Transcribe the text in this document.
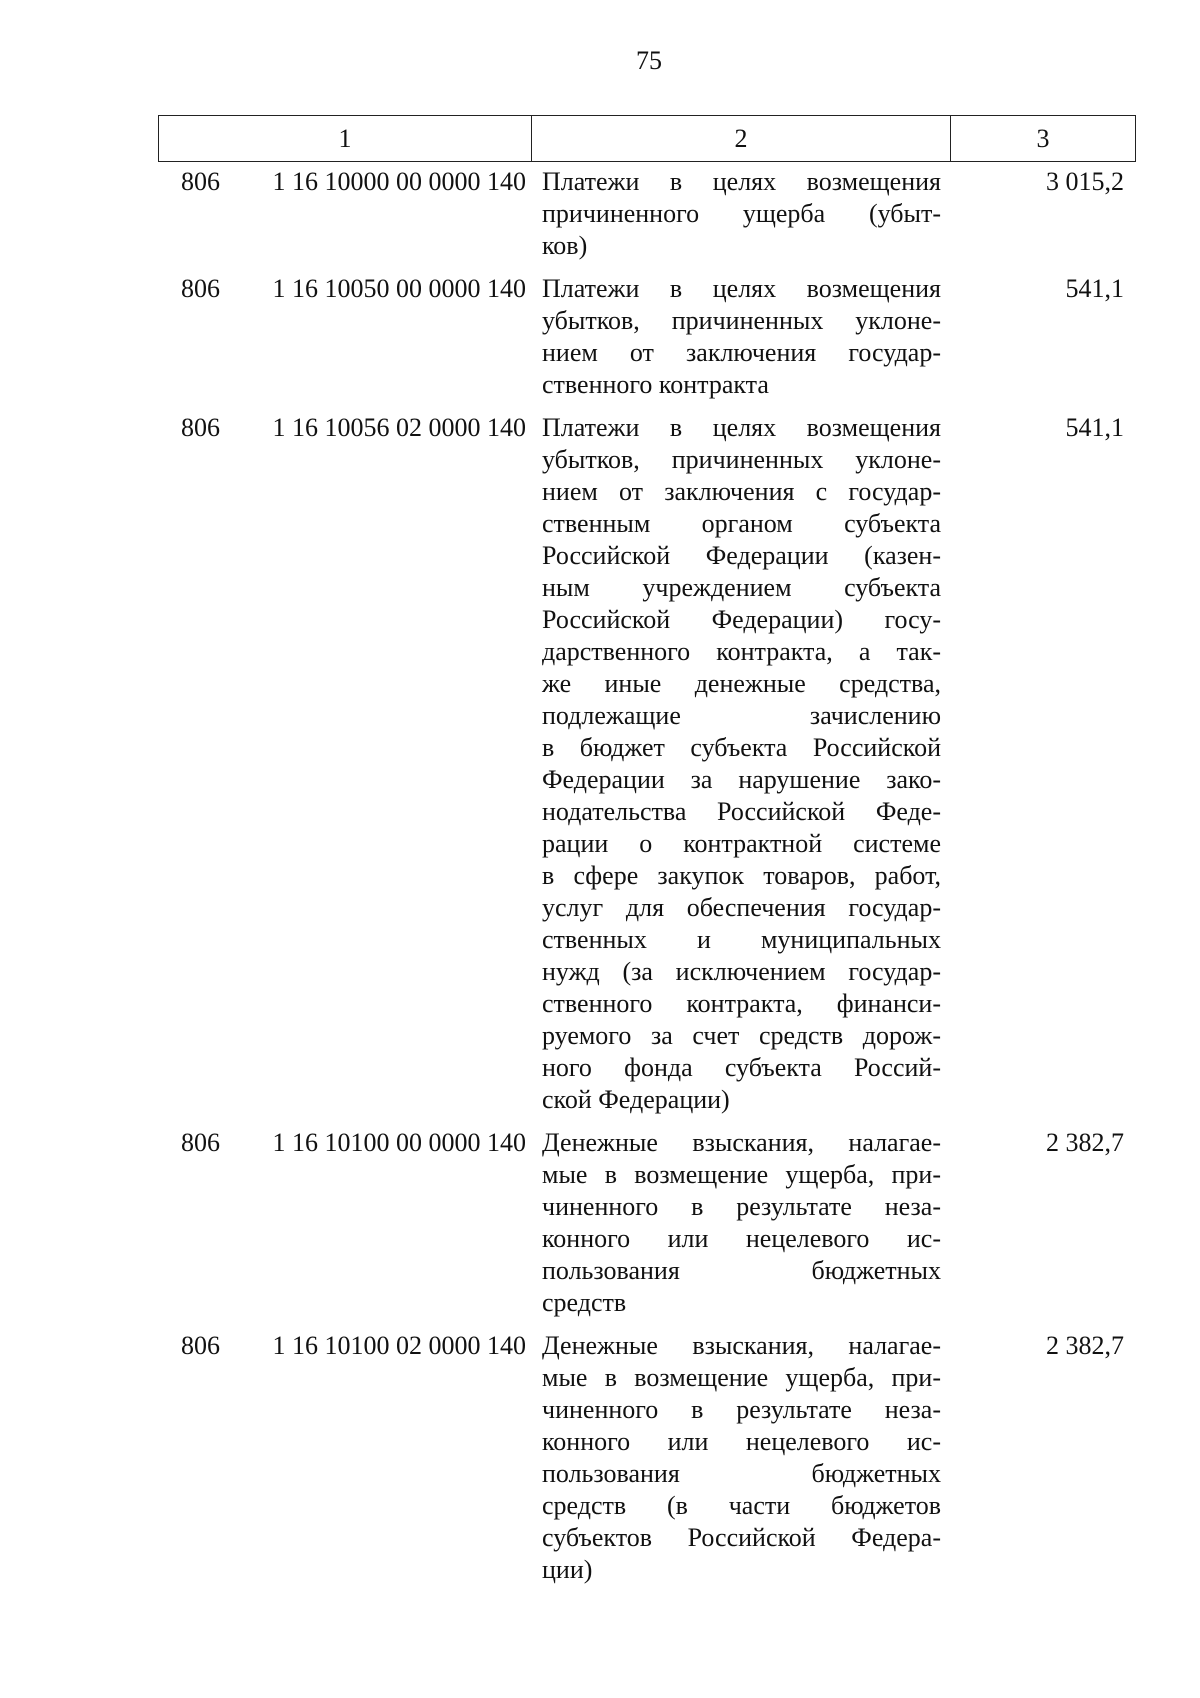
75
1	2	3
806	1 16 10000 00 0000 140 Платежи в целях возмещения
причиненного ущерба (убыт-
ков)
3 015,2
806	1 16 10050 00 0000 140 Платежи в целях возмещения
убытков, причиненных уклоне-
нием от заключения государ-
ственного контракта
541,1
806	1 16 10056 02 0000 140 Платежи в целях возмещения
убытков, причиненных уклоне-
нием от заключения с государ-
ственным органом субъекта
Российской Федерации (казен-
ным учреждением субъекта
Российской Федерации) госу-
дарственного контракта, а так-
же иные денежные средства,
подлежащие зачислению
в бюджет субъекта Российской
Федерации за нарушение зако-
нодательства Российской Феде-
рации о контрактной системе
в сфере закупок товаров, работ,
услуг для обеспечения государ-
ственных и муниципальных
нужд (за исключением государ-
ственного контракта, финанси-
руемого за счет средств дорож-
ного фонда субъекта Россий-
ской Федерации)
541,1
806	1 16 10100 00 0000 140 Денежные взыскания, налагае-
мые в возмещение ущерба, при-
чиненного в результате неза-
конного или нецелевого ис-
пользования бюджетных
средств
2 382,7
806	1 16 10100 02 0000 140 Денежные взыскания, налагае-
мые в возмещение ущерба, при-
чиненного в результате неза-
конного или нецелевого ис-
пользования бюджетных
средств (в части бюджетов
субъектов Российской Федера-
ции)
2 382,7
